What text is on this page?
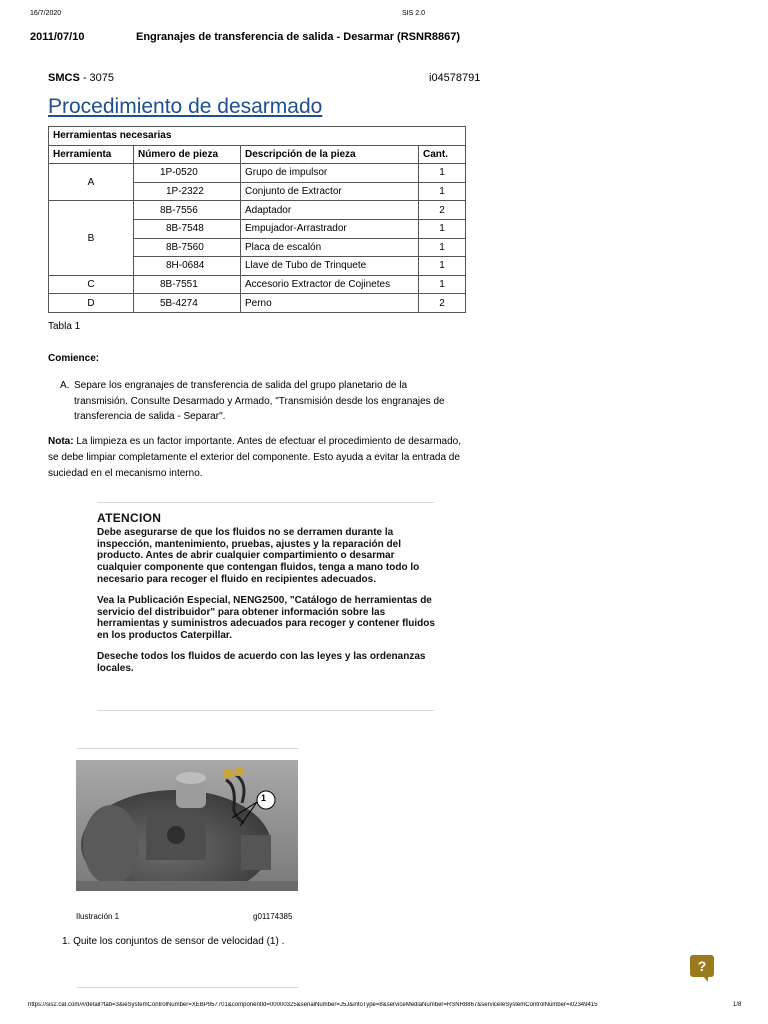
16/7/2020	SIS 2.0
2011/07/10	Engranajes de transferencia de salida - Desarmar (RSNR8867)
SMCS - 3075	i04578791
Procedimiento de desarmado
Herramientas necesarias			
Herramienta	Número de pieza	Descripción de la pieza	Cant.
A	1P-0520	Grupo de impulsor	1
	1P-2322	Conjunto de Extractor	1
B	8B-7556	Adaptador	2
	8B-7548	Empujador-Arrastrador	1
	8B-7560	Placa de escalón	1
	8H-0684	Llave de Tubo de Trinquete	1
C	8B-7551	Accesorio Extractor de Cojinetes	1
D	5B-4274	Perno	2
Tabla 1
Comience:
A. Separe los engranajes de transferencia de salida del grupo planetario de la transmisión. Consulte Desarmado y Armado, "Transmisión desde los engranajes de transferencia de salida - Separar".
Nota: La limpieza es un factor importante. Antes de efectuar el procedimiento de desarmado, se debe limpiar completamente el exterior del componente. Esto ayuda a evitar la entrada de suciedad en el mecanismo interno.
ATENCION

Debe asegurarse de que los fluidos no se derramen durante la inspección, mantenimiento, pruebas, ajustes y la reparación del producto. Antes de abrir cualquier compartimiento o desarmar cualquier componente que contengan fluidos, tenga a mano todo lo necesario para recoger el fluido en recipientes adecuados.

Vea la Publicación Especial, NENG2500, "Catálogo de herramientas de servicio del distribuidor" para obtener información sobre las herramientas y suministros adecuados para recoger y contener fluidos en los productos Caterpillar.

Deseche todos los fluidos de acuerdo con las leyes y las ordenanzas locales.

1
Ilustración 1	g01174385
1. Quite los conjuntos de sensor de velocidad (1) .
?
https://sis2.cat.com/#/detail?tab=3&ieSystemControlNumber=XEBP957701&componentId=00000325&serialNumber=J5J&infoType=8&serviceMediaNumber=RSNR8867&serviceIeSystemControlNumber=i02349415	1/8
